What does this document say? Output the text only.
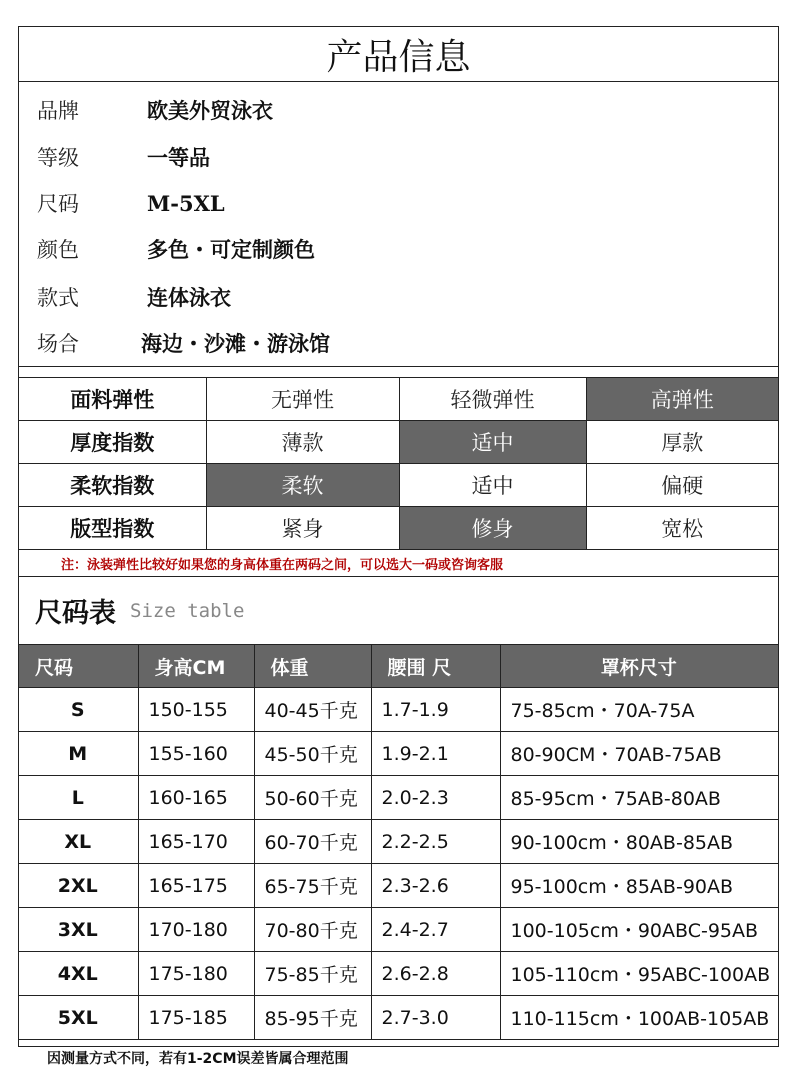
产品信息
品牌	欧美外贸泳衣
等级	一等品
尺码	M-5XL
颜色	多色・可定制颜色
款式	连体泳衣
场合	海边・沙滩・游泳馆
面料弹性	无弹性	轻微弹性	高弹性
厚度指数	薄款	适中	厚款
柔软指数	柔软	适中	偏硬
版型指数	紧身	修身	宽松
注：泳装弹性比较好如果您的身高体重在两码之间，可以选大一码或咨询客服
尺码表 Size table
尺码	身高CM	体重	腰围 尺	罩杯尺寸
S	150-155	40-45千克	1.7-1.9	75-85cm・70A-75A
M	155-160	45-50千克	1.9-2.1	80-90CM・70AB-75AB
L	160-165	50-60千克	2.0-2.3	85-95cm・75AB-80AB
XL	165-170	60-70千克	2.2-2.5	90-100cm・80AB-85AB
2XL	165-175	65-75千克	2.3-2.6	95-100cm・85AB-90AB
3XL	170-180	70-80千克	2.4-2.7	100-105cm・90ABC-95AB
4XL	175-180	75-85千克	2.6-2.8	105-110cm・95ABC-100AB
5XL	175-185	85-95千克	2.7-3.0	110-115cm・100AB-105AB
因测量方式不同，若有1-2CM误差皆属合理范围
